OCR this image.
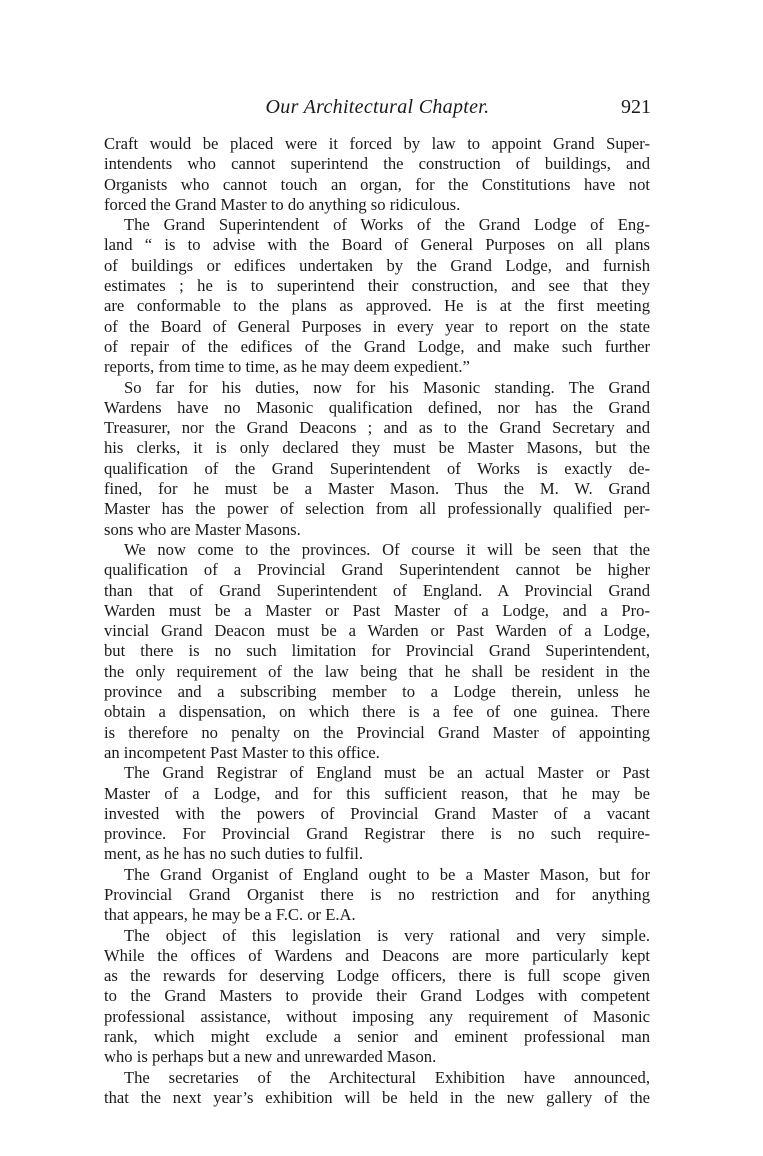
Our Architectural Chapter.	921
Craft would be placed were it forced by law to appoint Grand Super-
intendents who cannot superintend the construction of buildings, and
Organists who cannot touch an organ, for the Constitutions have not
forced the Grand Master to do anything so ridiculous.
The Grand Superintendent of Works of the Grand Lodge of Eng-
land “ is to advise with the Board of General Purposes on all plans
of buildings or edifices undertaken by the Grand Lodge, and furnish
estimates ; he is to superintend their construction, and see that they
are conformable to the plans as approved. He is at the first meeting
of the Board of General Purposes in every year to report on the state
of repair of the edifices of the Grand Lodge, and make such further
reports, from time to time, as he may deem expedient.”
So far for his duties, now for his Masonic standing. The Grand
Wardens have no Masonic qualification defined, nor has the Grand
Treasurer, nor the Grand Deacons ; and as to the Grand Secretary and
his clerks, it is only declared they must be Master Masons, but the
qualification of the Grand Superintendent of Works is exactly de-
fined, for he must be a Master Mason. Thus the M. W. Grand
Master has the power of selection from all professionally qualified per-
sons who are Master Masons.
We now come to the provinces. Of course it will be seen that the
qualification of a Provincial Grand Superintendent cannot be higher
than that of Grand Superintendent of England. A Provincial Grand
Warden must be a Master or Past Master of a Lodge, and a Pro-
vincial Grand Deacon must be a Warden or Past Warden of a Lodge,
but there is no such limitation for Provincial Grand Superintendent,
the only requirement of the law being that he shall be resident in the
province and a subscribing member to a Lodge therein, unless he
obtain a dispensation, on which there is a fee of one guinea. There
is therefore no penalty on the Provincial Grand Master of appointing
an incompetent Past Master to this office.
The Grand Registrar of England must be an actual Master or Past
Master of a Lodge, and for this sufficient reason, that he may be
invested with the powers of Provincial Grand Master of a vacant
province. For Provincial Grand Registrar there is no such require-
ment, as he has no such duties to fulfil.
The Grand Organist of England ought to be a Master Mason, but for
Provincial Grand Organist there is no restriction and for anything
that appears, he may be a F.C. or E.A.
The object of this legislation is very rational and very simple.
While the offices of Wardens and Deacons are more particularly kept
as the rewards for deserving Lodge officers, there is full scope given
to the Grand Masters to provide their Grand Lodges with competent
professional assistance, without imposing any requirement of Masonic
rank, which might exclude a senior and eminent professional man
who is perhaps but a new and unrewarded Mason.
The secretaries of the Architectural Exhibition have announced,
that the next year’s exhibition will be held in the new gallery of the
